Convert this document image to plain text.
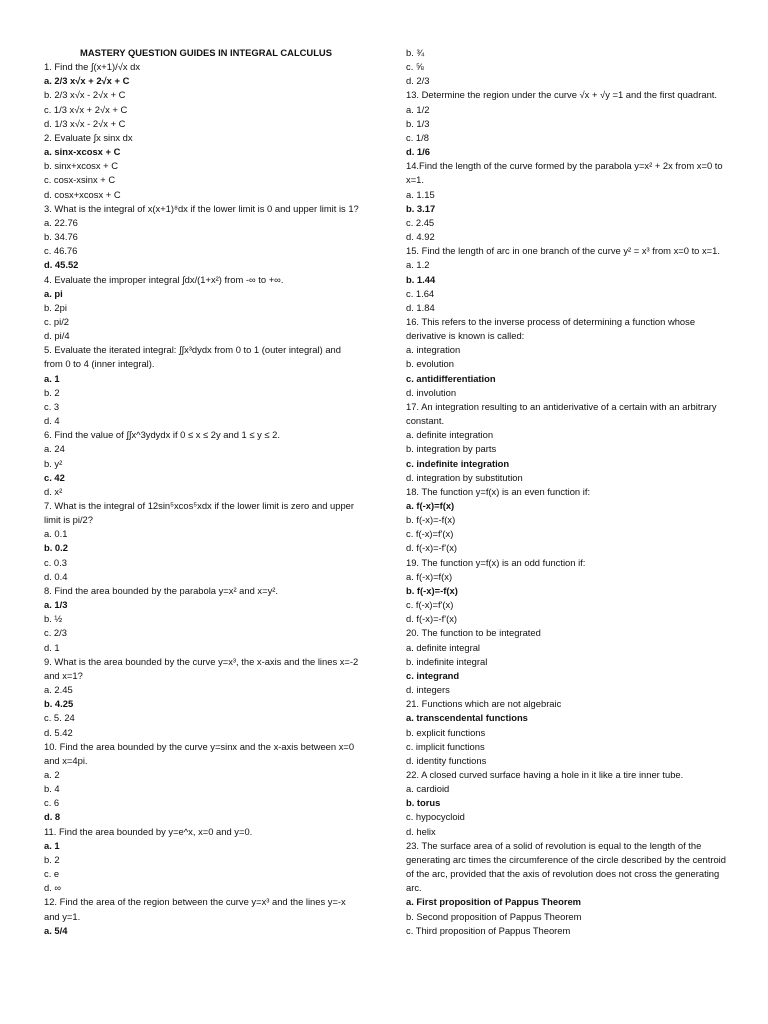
MASTERY QUESTION GUIDES IN INTEGRAL CALCULUS
1. Find the ∫(x+1)/√x dx
a. 2/3 x√x + 2√x + C
b. 2/3 x√x - 2√x + C
c. 1/3 x√x + 2√x + C
d. 1/3 x√x - 2√x + C
2. Evaluate ∫x sinx dx
a. sinx-xcosx + C
b. sinx+xcosx + C
c. cosx-xsinx + C
d. cosx+xcosx + C
3. What is the integral of x(x+1)⁸dx if the lower limit is 0 and upper limit is 1?
a. 22.76
b. 34.76
c. 46.76
d. 45.52
4. Evaluate the improper integral ∫dx/(1+x²) from -∞ to +∞.
a. pi
b. 2pi
c. pi/2
d. pi/4
5. Evaluate the iterated integral: ∫∫x³dydx from 0 to 1 (outer integral) and from 0 to 4 (inner integral).
a. 1
b. 2
c. 3
d. 4
6. Find the value of ∫∫x^3ydydx if 0 ≤ x ≤ 2y and 1 ≤ y ≤ 2.
a. 24
b. y²
c. 42
d. x²
7. What is the integral of 12sin⁵xcos⁵xdx if the lower limit is zero and upper limit is pi/2?
a. 0.1
b. 0.2
c. 0.3
d. 0.4
8. Find the area bounded by the parabola y=x² and x=y².
a. 1/3
b. ½
c. 2/3
d. 1
9. What is the area bounded by the curve y=x³, the x-axis and the lines x=-2 and x=1?
a. 2.45
b. 4.25
c. 5. 24
d. 5.42
10. Find the area bounded by the curve y=sinx and the x-axis between x=0 and x=4pi.
a. 2
b. 4
c. 6
d. 8
11. Find the area bounded by y=e^x, x=0 and y=0.
a. 1
b. 2
c. e
d. ∞
12. Find the area of the region between the curve y=x³ and the lines y=-x and y=1.
a. 5/4
b. ¾
c. ⅝
d. 2/3
13. Determine the region under the curve √x + √y =1 and the first quadrant.
a. 1/2
b. 1/3
c. 1/8
d. 1/6
14.Find the length of the curve formed by the parabola y=x² + 2x from x=0 to x=1.
a. 1.15
b. 3.17
c. 2.45
d. 4.92
15. Find the length of arc in one branch of the curve y² = x³ from x=0 to x=1.
a. 1.2
b. 1.44
c. 1.64
d. 1.84
16. This refers to the inverse process of determining a function whose derivative is known is called:
a. integration
b. evolution
c. antidifferentiation
d. involution
17. An integration resulting to an antiderivative of a certain with an arbitrary constant.
a. definite integration
b. integration by parts
c. indefinite integration
d. integration by substitution
18. The function y=f(x) is an even function if:
a. f(-x)=f(x)
b. f(-x)=-f(x)
c. f(-x)=f'(x)
d. f(-x)=-f'(x)
19. The function y=f(x) is an odd function if:
a. f(-x)=f(x)
b. f(-x)=-f(x)
c. f(-x)=f'(x)
d. f(-x)=-f'(x)
20. The function to be integrated
a. definite integral
b. indefinite integral
c. integrand
d. integers
21. Functions which are not algebraic
a. transcendental functions
b. explicit functions
c. implicit functions
d. identity functions
22. A closed curved surface having a hole in it like a tire inner tube.
a. cardioid
b. torus
c. hypocycloid
d. helix
23. The surface area of a solid of revolution is equal to the length of the generating arc times the circumference of the circle described by the centroid of the arc, provided that the axis of revolution does not cross the generating arc.
a. First proposition of Pappus Theorem
b. Second proposition of Pappus Theorem
c. Third proposition of Pappus Theorem
